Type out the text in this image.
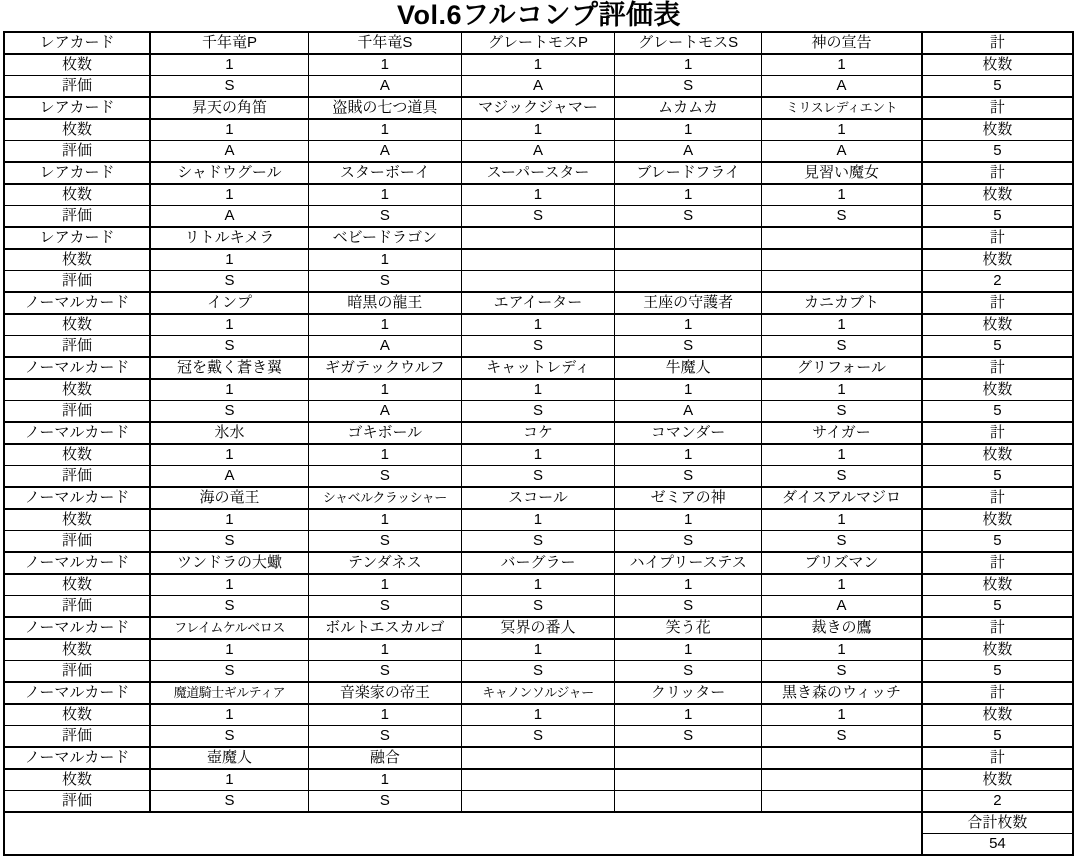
Vol.6フルコンプ評価表
レアカード	千年竜P	千年竜S	グレートモスP	グレートモスS	神の宣告	計
枚数	1	1	1	1	1	枚数
評価	S	A	A	S	A	5
レアカード	昇天の角笛	盗賊の七つ道具	マジックジャマー	ムカムカ	ミリスレディエント	計
枚数	1	1	1	1	1	枚数
評価	A	A	A	A	A	5
レアカード	シャドウグール	スターボーイ	スーパースター	ブレードフライ	見習い魔女	計
枚数	1	1	1	1	1	枚数
評価	A	S	S	S	S	5
レアカード	リトルキメラ	ベビードラゴン				計
枚数	1	1				枚数
評価	S	S				2
ノーマルカード	インプ	暗黒の龍王	エアイーター	王座の守護者	カニカブト	計
枚数	1	1	1	1	1	枚数
評価	S	A	S	S	S	5
ノーマルカード	冠を戴く蒼き翼	ギガテックウルフ	キャットレディ	牛魔人	グリフォール	計
枚数	1	1	1	1	1	枚数
評価	S	A	S	A	S	5
ノーマルカード	氷水	ゴキボール	コケ	コマンダー	サイガー	計
枚数	1	1	1	1	1	枚数
評価	A	S	S	S	S	5
ノーマルカード	海の竜王	シャベルクラッシャー	スコール	ゼミアの神	ダイスアルマジロ	計
枚数	1	1	1	1	1	枚数
評価	S	S	S	S	S	5
ノーマルカード	ツンドラの大蠍	テンダネス	バーグラー	ハイプリーステス	ブリズマン	計
枚数	1	1	1	1	1	枚数
評価	S	S	S	S	A	5
ノーマルカード	フレイムケルベロス	ボルトエスカルゴ	冥界の番人	笑う花	裁きの鷹	計
枚数	1	1	1	1	1	枚数
評価	S	S	S	S	S	5
ノーマルカード	魔道騎士ギルティア	音楽家の帝王	キャノンソルジャー	クリッター	黒き森のウィッチ	計
枚数	1	1	1	1	1	枚数
評価	S	S	S	S	S	5
ノーマルカード	壺魔人	融合				計
枚数	1	1				枚数
評価	S	S				2
						合計枚数
						54
